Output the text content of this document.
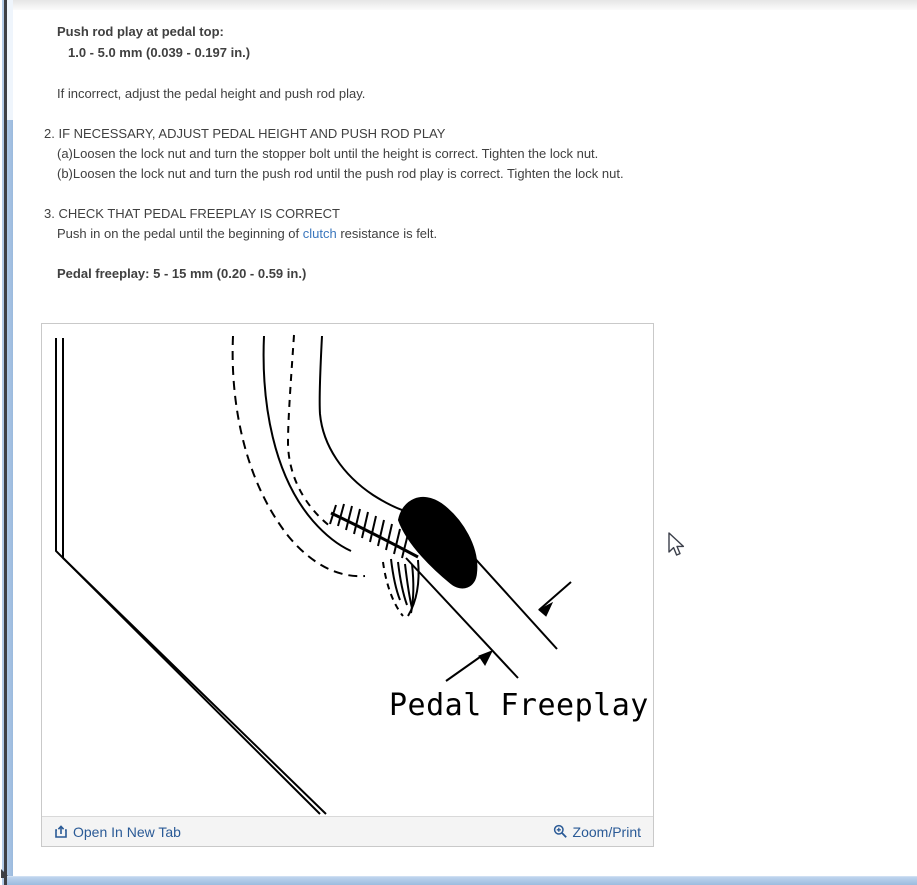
Push rod play at pedal top:
1.0 - 5.0 mm (0.039 - 0.197 in.)
If incorrect, adjust the pedal height and push rod play.
2. IF NECESSARY, ADJUST PEDAL HEIGHT AND PUSH ROD PLAY
(a)Loosen the lock nut and turn the stopper bolt until the height is correct. Tighten the lock nut.
(b)Loosen the lock nut and turn the push rod until the push rod play is correct. Tighten the lock nut.
3. CHECK THAT PEDAL FREEPLAY IS CORRECT
Push in on the pedal until the beginning of clutch resistance is felt.
Pedal freeplay: 5 - 15 mm (0.20 - 0.59 in.)
Pedal Freeplay
Open In New Tab	Zoom/Print
